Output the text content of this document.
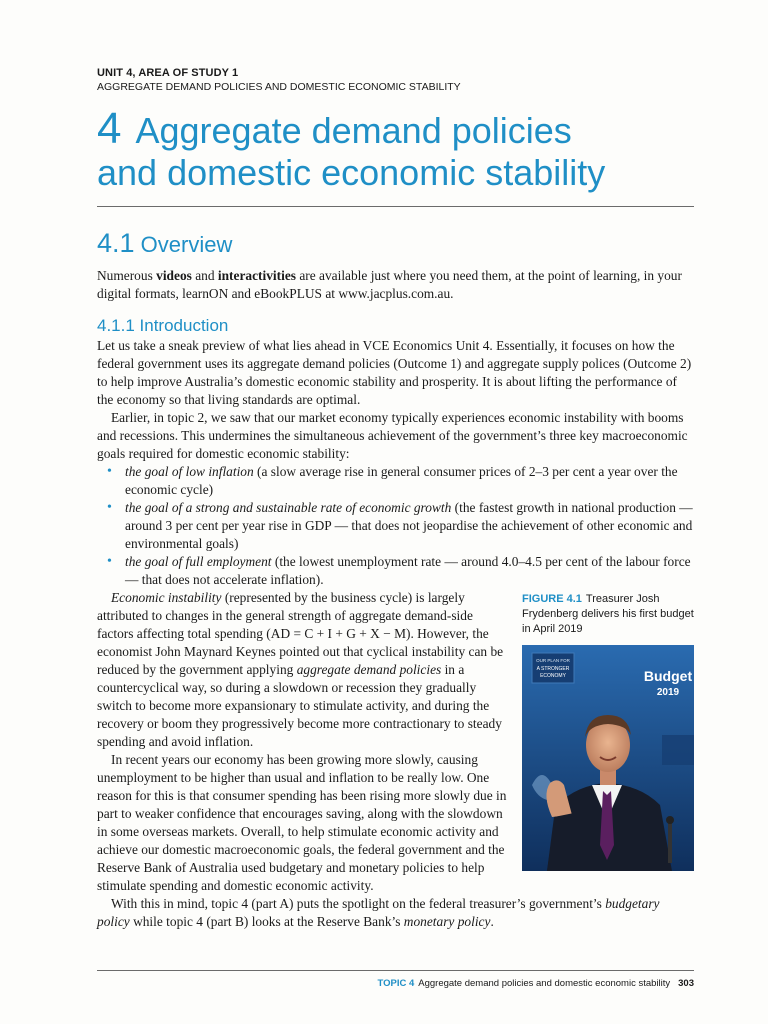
UNIT 4, AREA OF STUDY 1
AGGREGATE DEMAND POLICIES AND DOMESTIC ECONOMIC STABILITY
4 Aggregate demand policies
and domestic economic stability
4.1 Overview

Numerous videos and interactivities are available just where you need them, at the point of learning, in your digital formats, learnON and eBookPLUS at www.jacplus.com.au.

4.1.1 Introduction

Let us take a sneak preview of what lies ahead in VCE Economics Unit 4. Essentially, it focuses on how the federal government uses its aggregate demand policies (Outcome 1) and aggregate supply polices (Outcome 2) to help improve Australia’s domestic economic stability and prosperity. It is about lifting the performance of the economy so that living standards are optimal.

Earlier, in topic 2, we saw that our market economy typically experiences economic instability with booms and recessions. This undermines the simultaneous achievement of the government’s three key macroeconomic goals required for domestic economic stability:

• the goal of low inflation (a slow average rise in general consumer prices of 2–3 per cent a year over the economic cycle)
• the goal of a strong and sustainable rate of economic growth (the fastest growth in national production — around 3 per cent per year rise in GDP — that does not jeopardise the achievement of other economic and environmental goals)
• the goal of full employment (the lowest unemployment rate — around 4.0–4.5 per cent of the labour force — that does not accelerate inflation).

Economic instability (represented by the business cycle) is largely attributed to changes in the general strength of aggregate demand-side factors affecting total spending (AD = C + I + G + X − M). However, the economist John Maynard Keynes pointed out that cyclical instability can be reduced by the government applying aggregate demand policies in a countercyclical way, so during a slowdown or recession they gradually switch to become more expansionary to stimulate activity, and during the recovery or boom they progressively become more contractionary to steady spending and avoid inflation.

In recent years our economy has been growing more slowly, causing unemployment to be higher than usual and inflation to be really low. One reason for this is that consumer spending has been rising more slowly due in part to weaker confidence that encourages saving, along with the slowdown in some overseas markets. Overall, to help stimulate economic activity and achieve our domestic macroeconomic goals, the federal government and the Reserve Bank of Australia used budgetary and monetary policies to help stimulate spending and domestic economic activity.

FIGURE 4.1 Treasurer Josh Frydenberg delivers his first budget in April 2019
OUR PLAN FOR
A STRONGER
ECONOMY	Budget
2019

With this in mind, topic 4 (part A) puts the spotlight on the federal treasurer’s government’s budgetary policy while topic 4 (part B) looks at the Reserve Bank’s monetary policy.

TOPIC 4 Aggregate demand policies and domestic economic stability 303
